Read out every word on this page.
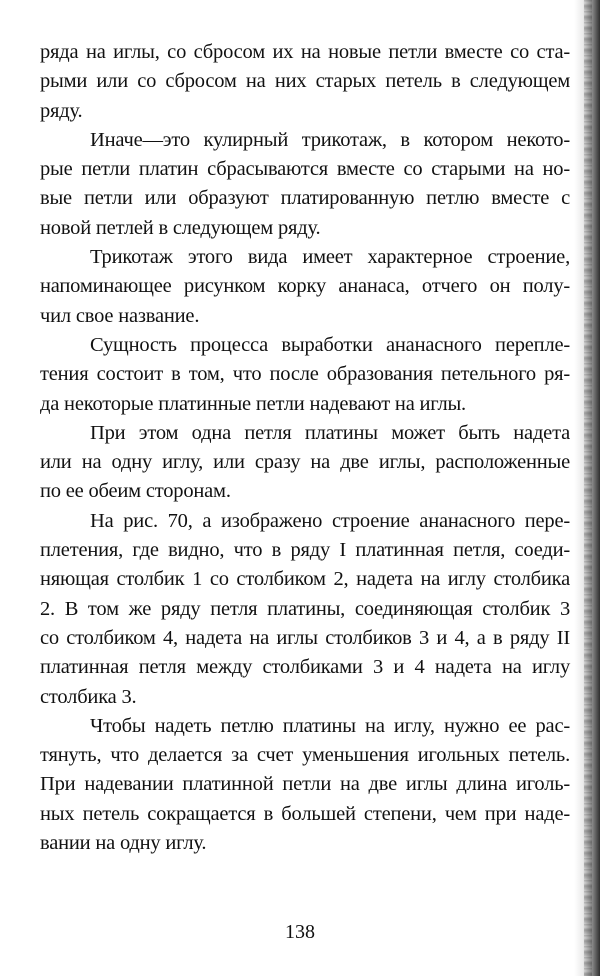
ряда на иглы, со сбросом их на новые петли вместе со ста-
рыми или со сбросом на них старых петель в следующем
ряду.
Иначе—это кулирный трикотаж, в котором некото-
рые петли платин сбрасываются вместе со старыми на но-
вые петли или образуют платированную петлю вместе с
новой петлей в следующем ряду.
Трикотаж этого вида имеет характерное строение,
напоминающее рисунком корку ананаса, отчего он полу-
чил свое название.
Сущность процесса выработки ананасного перепле-
тения состоит в том, что после образования петельного ря-
да некоторые платинные петли надевают на иглы.
При этом одна петля платины может быть надета
или на одну иглу, или сразу на две иглы, расположенные
по ее обеим сторонам.
На рис. 70, а изображено строение ананасного пере-
плетения, где видно, что в ряду I платинная петля, соеди-
няющая столбик 1 со столбиком 2, надета на иглу столбика
2. В том же ряду петля платины, соединяющая столбик 3
со столбиком 4, надета на иглы столбиков 3 и 4, а в ряду II
платинная петля между столбиками 3 и 4 надета на иглу
столбика 3.
Чтобы надеть петлю платины на иглу, нужно ее рас-
тянуть, что делается за счет уменьшения игольных петель.
При надевании платинной петли на две иглы длина иголь-
ных петель сокращается в большей степени, чем при наде-
вании на одну иглу.
138
